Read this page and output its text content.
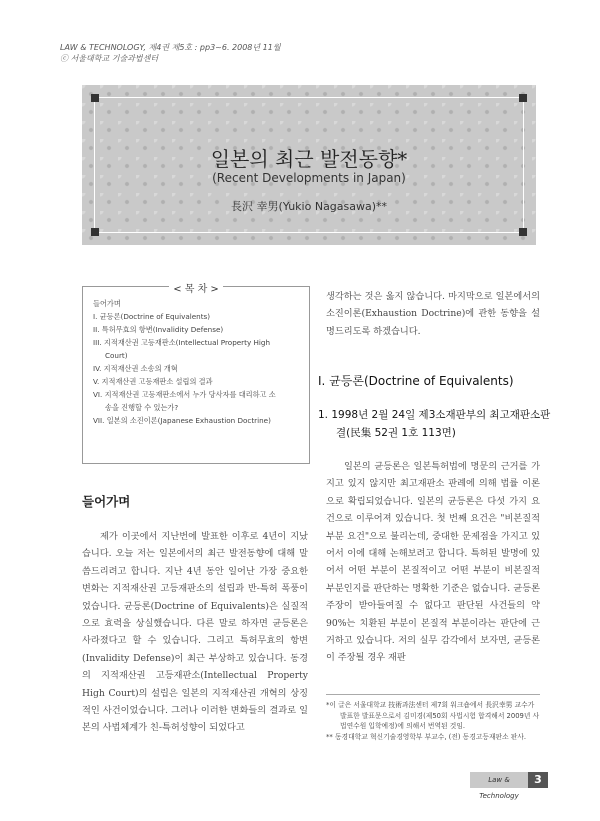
LAW & TECHNOLOGY, 제4권 제5호 : pp3~6. 2008년 11월
ⓒ 서울대학교 기술과법센터
일본의 최근 발전동향*
(Recent Developments in Japan)
長沢 幸男(Yukio Nagasawa)**
< 목 차 >
들어가며
I. 균등론(Doctrine of Equivalents)
II. 특허무효의 항변(Invalidity Defense)
III. 지적재산권 고등재판소(Intellectual Property High
Court)
IV. 지적재산권 소송의 개혁
V. 지적재산권 고등재판소 설립의 결과
VI. 지적재산권 고등재판소에서 누가 당사자를 대리하고 소
송을 진행할 수 있는가?
VII. 일본의 소진이론(Japanese Exhaustion Doctrine)
들어가며

제가 이곳에서 지난번에 발표한 이후로 4년이 지났습니다. 오늘 저는 일본에서의 최근 발전동향에 대해 말씀드리려고 합니다. 지난 4년 동안 일어난 가장 중요한 변화는 지적재산권 고등재판소의 설립과 반-특허 폭풍이었습니다. 균등론(Doctrine of Equivalents)은 실질적으로 효력을 상실했습니다. 다른 말로 하자면 균등론은 사라졌다고 할 수 있습니다. 그리고 특허무효의 항변(Invalidity Defense)이 최근 부상하고 있습니다. 동경의 지적재산권 고등재판소(Intellectual Property High Court)의 설립은 일본의 지적재산권 개혁의 상징적인 사건이었습니다. 그러나 이러한 변화들의 결과로 일본의 사법체계가 친-특허성향이 되었다고

생각하는 것은 옳지 않습니다. 마지막으로 일본에서의 소진이론(Exhaustion Doctrine)에 관한 동향을 설명드리도록 하겠습니다.

I. 균등론(Doctrine of Equivalents)
1. 1998년 2월 24일 제3소재판부의 최고재판소판결(民集 52권 1호 113면)

일본의 균등론은 일본특허법에 명문의 근거를 가지고 있지 않지만 최고재판소 판례에 의해 법률 이론으로 확립되었습니다. 일본의 균등론은 다섯 가지 요건으로 이루어져 있습니다. 첫 번째 요건은 "비본질적 부분 요건"으로 불리는데, 중대한 문제점을 가지고 있어서 이에 대해 논해보려고 합니다. 특허된 발명에 있어서 어떤 부분이 본질적이고 어떤 부분이 비본질적 부분인지를 판단하는 명확한 기준은 없습니다. 균등론 주장이 받아들여질 수 없다고 판단된 사건들의 약 90%는 치환된 부분이 본질적 부분이라는 판단에 근거하고 있습니다. 저의 실무 감각에서 보자면, 균등론이 주장될 경우 재판

*이 글은 서울대학교 技術과法센터 제7회 워크숍에서 長沢幸男 교수가 발표한 발표문으로서 김미경(제50회 사법시험 합격해서 2009년 사법연수원 입학예정)에 의해서 번역된 것임.

** 동경대학교 혁신기술경영학부 부교수, (전) 동경고등재판소 판사.

Law & Technology
3
